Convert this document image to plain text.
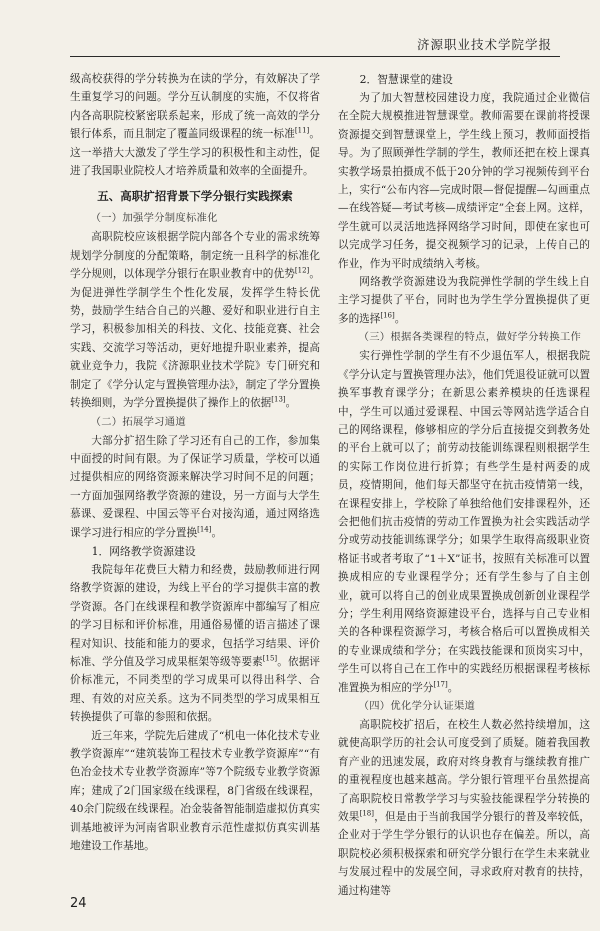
济源职业技术学院学报

级高校获得的学分转换为在读的学分，有效解决了学生重复学习的问题。学分互认制度的实施，不仅将省内各高职院校紧密联系起来，形成了统一高效的学分银行体系，而且制定了覆盖同级课程的统一标准[11]。这一举措大大激发了学生学习的积极性和主动性，促进了我国职业院校人才培养质量和效率的全面提升。

五、高职扩招背景下学分银行实践探索
（一）加强学分制度标准化

高职院校应该根据学院内部各个专业的需求统筹规划学分制度的分配策略，制定统一且科学的标准化学分规则，以体现学分银行在职业教育中的优势[12]。为促进弹性学制学生个性化发展，发挥学生特长优势，鼓励学生结合自己的兴趣、爱好和职业进行自主学习，积极参加相关的科技、文化、技能竞赛、社会实践、交流学习等活动，更好地提升职业素养，提高就业竞争力，我院《济源职业技术学院》专门研究和制定了《学分认定与置换管理办法》，制定了学分置换转换细则，为学分置换提供了操作上的依据[13]。

（二）拓展学习通道

大部分扩招生除了学习还有自己的工作，参加集中面授的时间有限。为了保证学习质量，学校可以通过提供相应的网络资源来解决学习时间不足的问题；一方面加强网络教学资源的建设，另一方面与大学生慕课、爱课程、中国云等平台对接沟通，通过网络选课学习进行相应的学分置换[14]。

1．网络教学资源建设

我院每年花费巨大精力和经费，鼓励教师进行网络教学资源的建设，为线上平台的学习提供丰富的教学资源。各门在线课程和教学资源库中都编写了相应的学习目标和评价标准，用通俗易懂的语言描述了课程对知识、技能和能力的要求，包括学习结果、评价标准、学分值及学习成果框架等级等要素[15]。依据评价标准元，不同类型的学习成果可以得出科学、合理、有效的对应关系。这为不同类型的学习成果相互转换提供了可靠的参照和依据。

近三年来，学院先后建成了“机电一体化技术专业教学资源库”“建筑装饰工程技术专业教学资源库”“有色冶金技术专业教学资源库”等7个院级专业教学资源库；建成了2门国家级在线课程，8门省级在线课程，40余门院级在线课程。冶金装备智能制造虚拟仿真实训基地被评为河南省职业教育示范性虚拟仿真实训基地建设工作基地。

2．智慧课堂的建设

为了加大智慧校园建设力度，我院通过企业微信在全院大规模推进智慧课堂。教师需要在课前将授课资源提交到智慧课堂上，学生线上预习，教师面授指导。为了照顾弹性学制的学生，教师还把在校上课真实教学场景拍摄成不低于20分钟的学习视频传到平台上，实行“公布内容—完成时限—督促提醒—勾画重点—在线答疑—考试考核—成绩评定”全套上网。这样，学生就可以灵活地选择网络学习时间，即使在家也可以完成学习任务，提交视频学习的记录，上传自己的作业，作为平时成绩纳入考核。

网络教学资源建设为我院弹性学制的学生线上自主学习提供了平台，同时也为学生学分置换提供了更多的选择[16]。

（三）根据各类课程的特点，做好学分转换工作

实行弹性学制的学生有不少退伍军人，根据我院《学分认定与置换管理办法》，他们凭退役证就可以置换军事教育课学分；在新思公素养模块的任选课程中，学生可以通过爱课程、中国云等网站选学适合自己的网络课程，修够相应的学分后直接提交到教务处的平台上就可以了；前劳动技能训练课程则根据学生的实际工作岗位进行折算；有些学生是村两委的成员，疫情期间，他们每天都坚守在抗击疫情第一线，在课程安排上，学校除了单独给他们安排课程外，还会把他们抗击疫情的劳动工作置换为社会实践活动学分或劳动技能训练课学分；如果学生取得高级职业资格证书或者考取了“1＋X”证书，按照有关标准可以置换成相应的专业课程学分；还有学生参与了自主创业，就可以将自己的创业成果置换成创新创业课程学分；学生利用网络资源建设平台，选择与自己专业相关的各种课程资源学习，考核合格后可以置换成相关的专业课成绩和学分；在实践技能课和顶岗实习中，学生可以将自己在工作中的实践经历根据课程考核标准置换为相应的学分[17]。

（四）优化学分认证渠道

高职院校扩招后，在校生人数必然持续增加，这就使高职学历的社会认可度受到了质疑。随着我国教育产业的迅速发展，政府对终身教育与继续教育推广的重视程度也越来越高。学分银行管理平台虽然提高了高职院校日常教学学习与实验技能课程学分转换的效果[18]，但是由于当前我国学分银行的普及率较低，企业对于学生学分银行的认识也存在偏差。所以，高职院校必须积极探索和研究学分银行在学生未来就业与发展过程中的发展空间，寻求政府对教育的扶持，通过构建等

24
